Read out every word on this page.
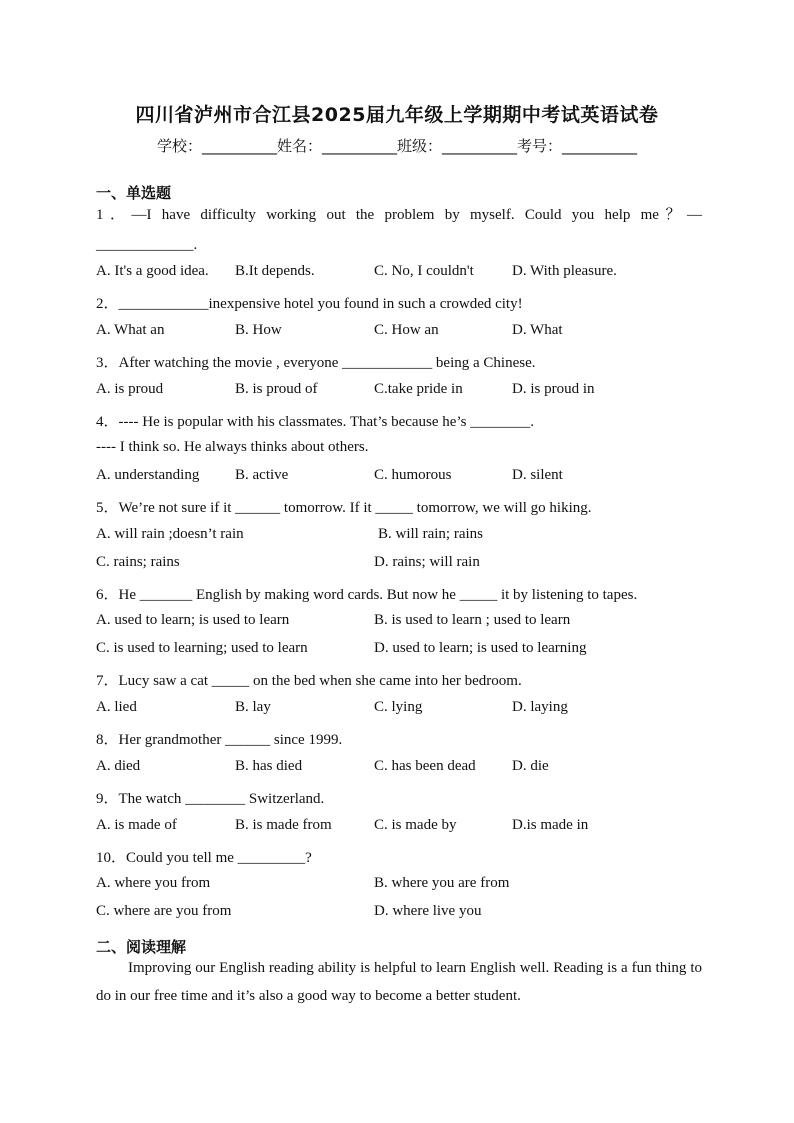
四川省泸州市合江县2025届九年级上学期期中考试英语试卷
学校：__________姓名：__________班级：__________考号：__________
一、单选题
1．—I have difficulty working out the problem by myself. Could you help me？—
_____________.
A. It's a good idea. B.It depends.	C. No, I couldn't	D. With pleasure.
2．____________inexpensive hotel you found in such a crowded city!
A. What an	B. How	C. How an	D. What
3．After watching the movie , everyone ____________ being a Chinese.
A. is proud	B. is proud of	C.take pride in	D. is proud in
4．---- He is popular with his classmates. That’s because he’s ________.
---- I think so. He always thinks about others.
A. understanding B. active	C. humorous	D. silent
5．We’re not sure if it ______ tomorrow. If it _____ tomorrow, we will go hiking.
A. will rain ;doesn’t rain	B. will rain; rains
C. rains; rains	D. rains; will rain
6．He _______ English by making word cards. But now he _____ it by listening to tapes.
A. used to learn; is used to learn	B. is used to learn ; used to learn
C. is used to learning; used to learn	D. used to learn; is used to learning
7．Lucy saw a cat _____ on the bed when she came into her bedroom.
A. lied	B. lay	C. lying	D. laying
8．Her grandmother ______ since 1999.
A. died	B. has died	C. has been dead D. die
9．The watch ________ Switzerland.
A. is made of	B. is made from	C. is made by	D.is made in
10．Could you tell me _________?
A. where you from	B. where you are from
C. where are you from	D. where live you
二、阅读理解
Improving our English reading ability is helpful to learn English well. Reading is a fun thing to do in our free time and it’s also a good way to become a better student.
